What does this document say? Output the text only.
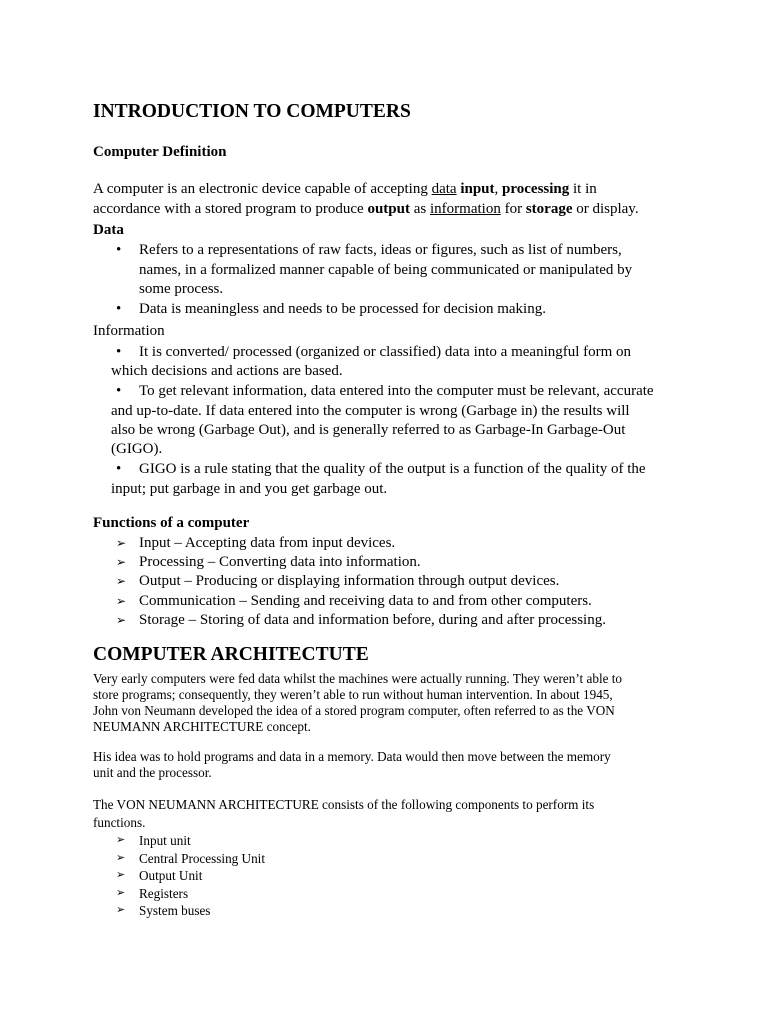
INTRODUCTION TO COMPUTERS
Computer Definition
A computer is an electronic device capable of accepting data input, processing it in
accordance with a stored program to produce output as information for storage or display.
Data
• Refers to a representations of raw facts, ideas or figures, such as list of numbers,
names, in a formalized manner capable of being communicated or manipulated by
some process.
• Data is meaningless and needs to be processed for decision making.
Information
• It is converted/ processed (organized or classified) data into a meaningful form on
which decisions and actions are based.
• To get relevant information, data entered into the computer must be relevant, accurate
and up-to-date. If data entered into the computer is wrong (Garbage in) the results will
also be wrong (Garbage Out), and is generally referred to as Garbage-In Garbage-Out
(GIGO).
• GIGO is a rule stating that the quality of the output is a function of the quality of the
input; put garbage in and you get garbage out.
Functions of a computer
➢ Input – Accepting data from input devices.
➢ Processing – Converting data into information.
➢ Output – Producing or displaying information through output devices.
➢ Communication – Sending and receiving data to and from other computers.
➢ Storage – Storing of data and information before, during and after processing.
COMPUTER ARCHITECTUTE
Very early computers were fed data whilst the machines were actually running. They weren’t able to
store programs; consequently, they weren’t able to run without human intervention. In about 1945,
John von Neumann developed the idea of a stored program computer, often referred to as the VON
NEUMANN ARCHITECTURE concept.
His idea was to hold programs and data in a memory. Data would then move between the memory
unit and the processor.
The VON NEUMANN ARCHITECTURE consists of the following components to perform its
functions.
➢ Input unit
➢ Central Processing Unit
➢ Output Unit
➢ Registers
➢ System buses
